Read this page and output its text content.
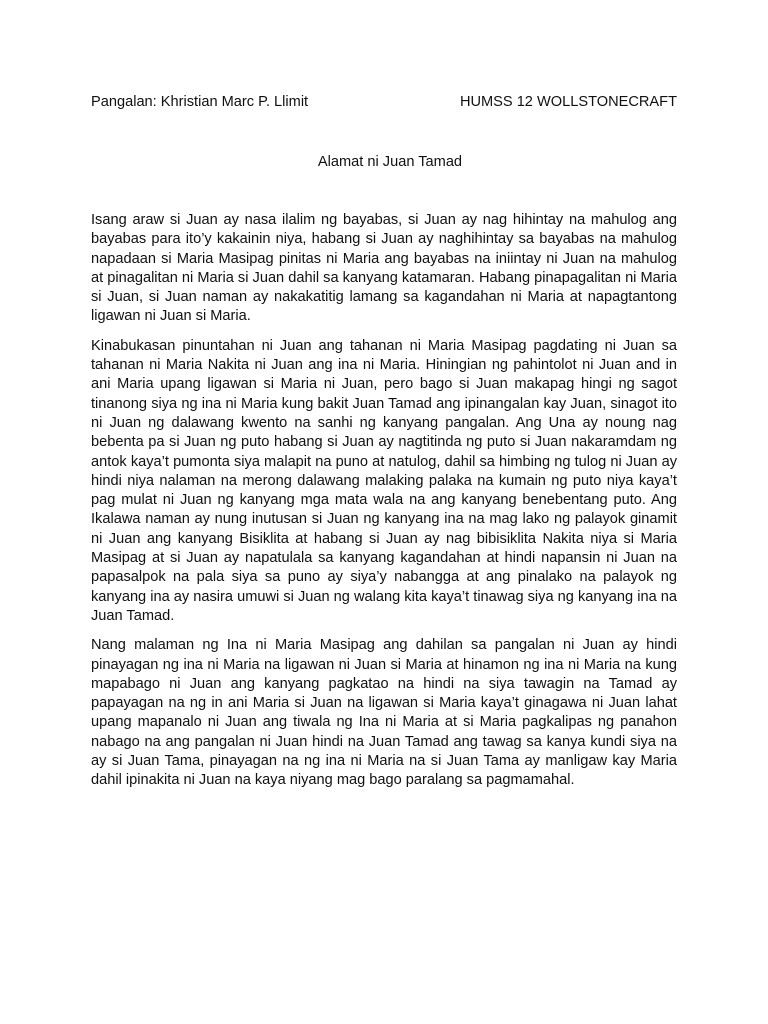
Pangalan: Khristian Marc P. Llimit	HUMSS 12 WOLLSTONECRAFT
Alamat ni Juan Tamad

Isang araw si Juan ay nasa ilalim ng bayabas, si Juan ay nag hihintay na mahulog ang bayabas para ito’y kakainin niya, habang si Juan ay naghihintay sa bayabas na mahulog napadaan si Maria Masipag pinitas ni Maria ang bayabas na iniintay ni Juan na mahulog at pinagalitan ni Maria si Juan dahil sa kanyang katamaran. Habang pinapagalitan ni Maria si Juan, si Juan naman ay nakakatitig lamang sa kagandahan ni Maria at napagtantong ligawan ni Juan si Maria.

Kinabukasan pinuntahan ni Juan ang tahanan ni Maria Masipag pagdating ni Juan sa tahanan ni Maria Nakita ni Juan ang ina ni Maria. Hiningian ng pahintolot ni Juan and in ani Maria upang ligawan si Maria ni Juan, pero bago si Juan makapag hingi ng sagot tinanong siya ng ina ni Maria kung bakit Juan Tamad ang ipinangalan kay Juan, sinagot ito ni Juan ng dalawang kwento na sanhi ng kanyang pangalan. Ang Una ay noung nag bebenta pa si Juan ng puto habang si Juan ay nagtitinda ng puto si Juan nakaramdam ng antok kaya’t pumonta siya malapit na puno at natulog, dahil sa himbing ng tulog ni Juan ay hindi niya nalaman na merong dalawang malaking palaka na kumain ng puto niya kaya’t pag mulat ni Juan ng kanyang mga mata wala na ang kanyang benebentang puto. Ang Ikalawa naman ay nung inutusan si Juan ng kanyang ina na mag lako ng palayok ginamit ni Juan ang kanyang Bisiklita at habang si Juan ay nag bibisiklita Nakita niya si Maria Masipag at si Juan ay napatulala sa kanyang kagandahan at hindi napansin ni Juan na papasalpok na pala siya sa puno ay siya’y nabangga at ang pinalako na palayok ng kanyang ina ay nasira umuwi si Juan ng walang kita kaya’t tinawag siya ng kanyang ina na Juan Tamad.

Nang malaman ng Ina ni Maria Masipag ang dahilan sa pangalan ni Juan ay hindi pinayagan ng ina ni Maria na ligawan ni Juan si Maria at hinamon ng ina ni Maria na kung mapabago ni Juan ang kanyang pagkatao na hindi na siya tawagin na Tamad ay papayagan na ng in ani Maria si Juan na ligawan si Maria kaya’t ginagawa ni Juan lahat upang mapanalo ni Juan ang tiwala ng Ina ni Maria at si Maria pagkalipas ng panahon nabago na ang pangalan ni Juan hindi na Juan Tamad ang tawag sa kanya kundi siya na ay si Juan Tama, pinayagan na ng ina ni Maria na si Juan Tama ay manligaw kay Maria dahil ipinakita ni Juan na kaya niyang mag bago paralang sa pagmamahal.
